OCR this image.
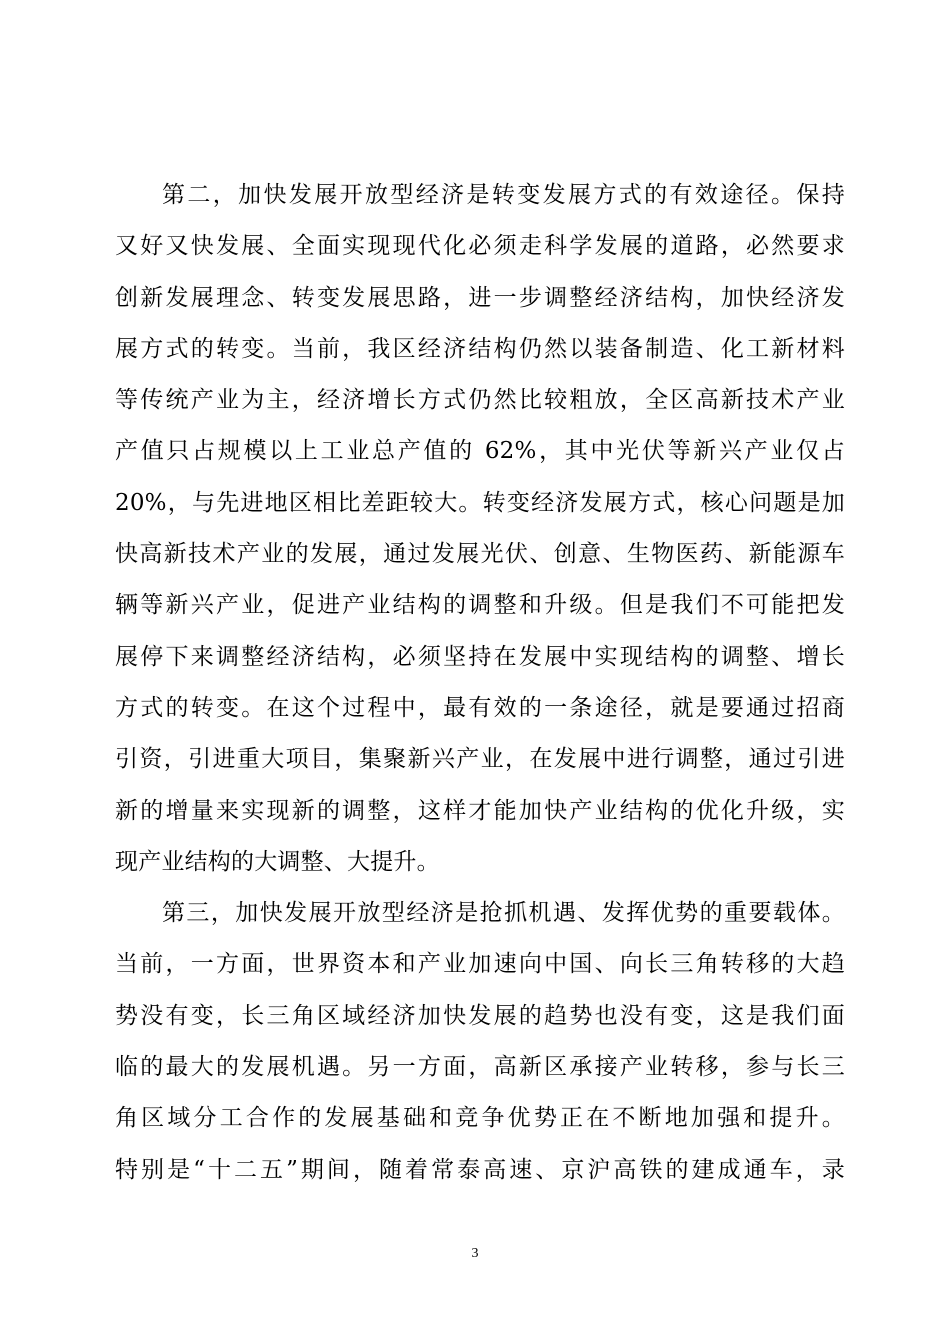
第二，加快发展开放型经济是转变发展方式的有效途径。保持
又好又快发展、全面实现现代化必须走科学发展的道路，必然要求
创新发展理念、转变发展思路，进一步调整经济结构，加快经济发
展方式的转变。当前，我区经济结构仍然以装备制造、化工新材料
等传统产业为主，经济增长方式仍然比较粗放，全区高新技术产业
产值只占规模以上工业总产值的 62%，其中光伏等新兴产业仅占
20%，与先进地区相比差距较大。转变经济发展方式，核心问题是加
快高新技术产业的发展，通过发展光伏、创意、生物医药、新能源车
辆等新兴产业，促进产业结构的调整和升级。但是我们不可能把发
展停下来调整经济结构，必须坚持在发展中实现结构的调整、增长
方式的转变。在这个过程中，最有效的一条途径，就是要通过招商
引资，引进重大项目，集聚新兴产业，在发展中进行调整，通过引进
新的增量来实现新的调整，这样才能加快产业结构的优化升级，实
现产业结构的大调整、大提升。
第三，加快发展开放型经济是抢抓机遇、发挥优势的重要载体。
当前，一方面，世界资本和产业加速向中国、向长三角转移的大趋
势没有变，长三角区域经济加快发展的趋势也没有变，这是我们面
临的最大的发展机遇。另一方面，高新区承接产业转移，参与长三
角区域分工合作的发展基础和竞争优势正在不断地加强和提升。
特别是“十二五”期间，随着常泰高速、京沪高铁的建成通车，录
3
